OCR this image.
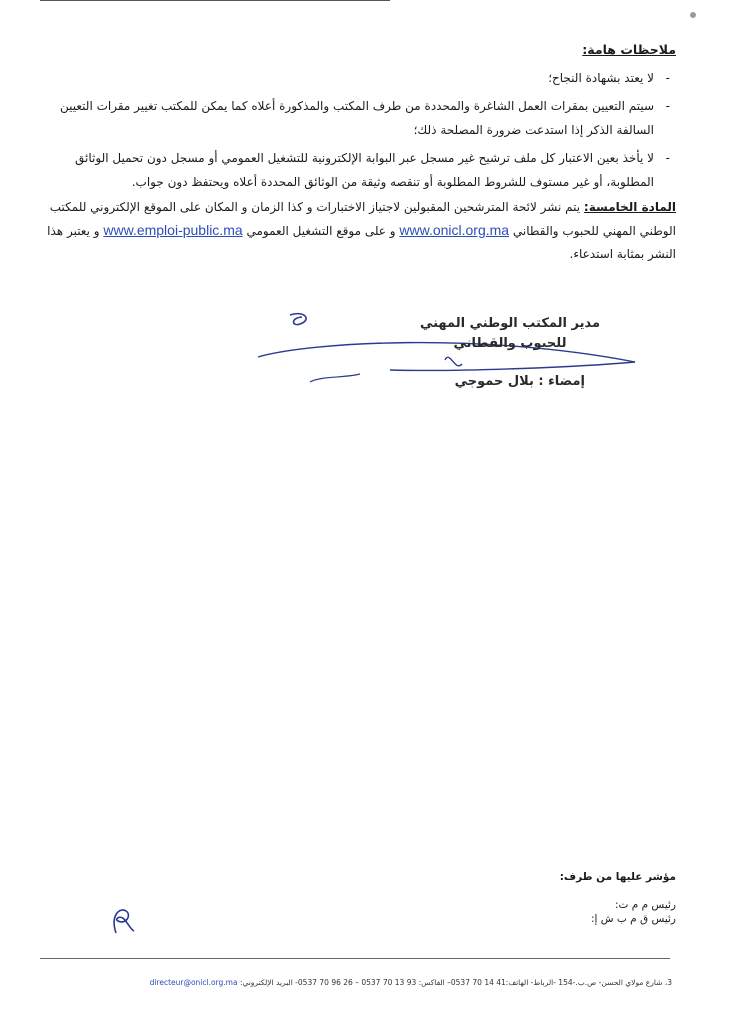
ملاحظات هامة:

- لا يعتد بشهادة النجاح؛
- سيتم التعيين بمقرات العمل الشاغرة والمحددة من طرف المكتب والمذكورة أعلاه كما يمكن للمكتب تغيير مقرات التعيين السالفة الذكر إذا استدعت ضرورة المصلحة ذلك؛
- لا يأخذ بعين الاعتبار كل ملف ترشيح غير مسجل عبر البوابة الإلكترونية للتشغيل العمومي أو مسجل دون تحميل الوثائق المطلوبة، أو غير مستوف للشروط المطلوبة أو تنقصه وثيقة من الوثائق المحددة أعلاه ويحتفظ دون جواب.
المادة الخامسة: يتم نشر لائحة المترشحين المقبولين لاجتياز الاختبارات و كذا الزمان و المكان على الموقع الإلكتروني للمكتب الوطني المهني للحبوب والقطاني www.onicl.org.ma و على موقع التشغيل العمومي www.emploi-public.ma و يعتبر هذا النشر بمثابة استدعاء.
مدير المكتب الوطني المهني
للحبوب والقطاني
إمضاء : بلال حموجي
مؤشر عليها من طرف:
رئيس م م ت:
رئيس ق م ب ش إ:
3، شارع مولاي الحسن- ص.ب.-154 -الرباط- الهاتف:41 14 70 0537– الفاكس: 93 13 70 0537 – 26 96 70 0537- البريد الإلكتروني: directeur@onicl.org.ma
